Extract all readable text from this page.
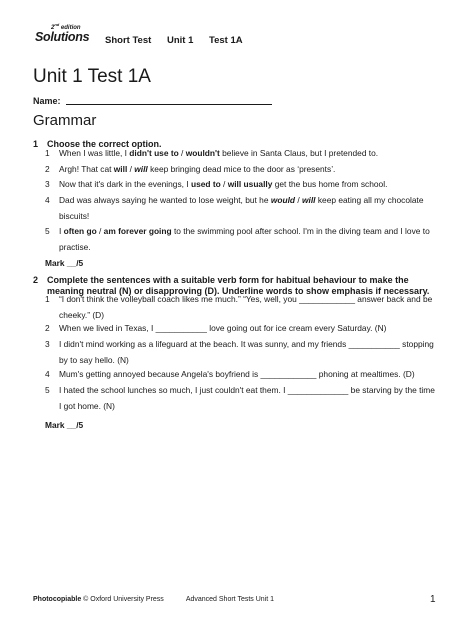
2nd edition
Solutions Short Test Unit 1 Test 1A
Unit 1 Test 1A
Name:
Grammar
1 Choose the correct option.
1 When I was little, I didn't use to / wouldn't believe in Santa Claus, but I pretended to.
2 Argh! That cat will / will keep bringing dead mice to the door as ‘presents’.
3 Now that it's dark in the evenings, I used to / will usually get the bus home from school.
4 Dad was always saying he wanted to lose weight, but he would / will keep eating all my chocolate biscuits!
5 I often go / am forever going to the swimming pool after school. I'm in the diving team and I love to practise.
Mark __/5
2 Complete the sentences with a suitable verb form for habitual behaviour to make the meaning neutral (N) or disapproving (D). Underline words to show emphasis if necessary.
1 “I don't think the volleyball coach likes me much.” “Yes, well, you ____________ answer back and be cheeky.” (D)
2 When we lived in Texas, I ___________ love going out for ice cream every Saturday. (N)
3 I didn't mind working as a lifeguard at the beach. It was sunny, and my friends ___________ stopping by to say hello. (N)
4 Mum's getting annoyed because Angela's boyfriend is ____________ phoning at mealtimes. (D)
5 I hated the school lunches so much, I just couldn't eat them. I _____________ be starving by the time I got home. (N)
Mark __/5
Photocopiable © Oxford University Press	Advanced Short Tests Unit 1	1
